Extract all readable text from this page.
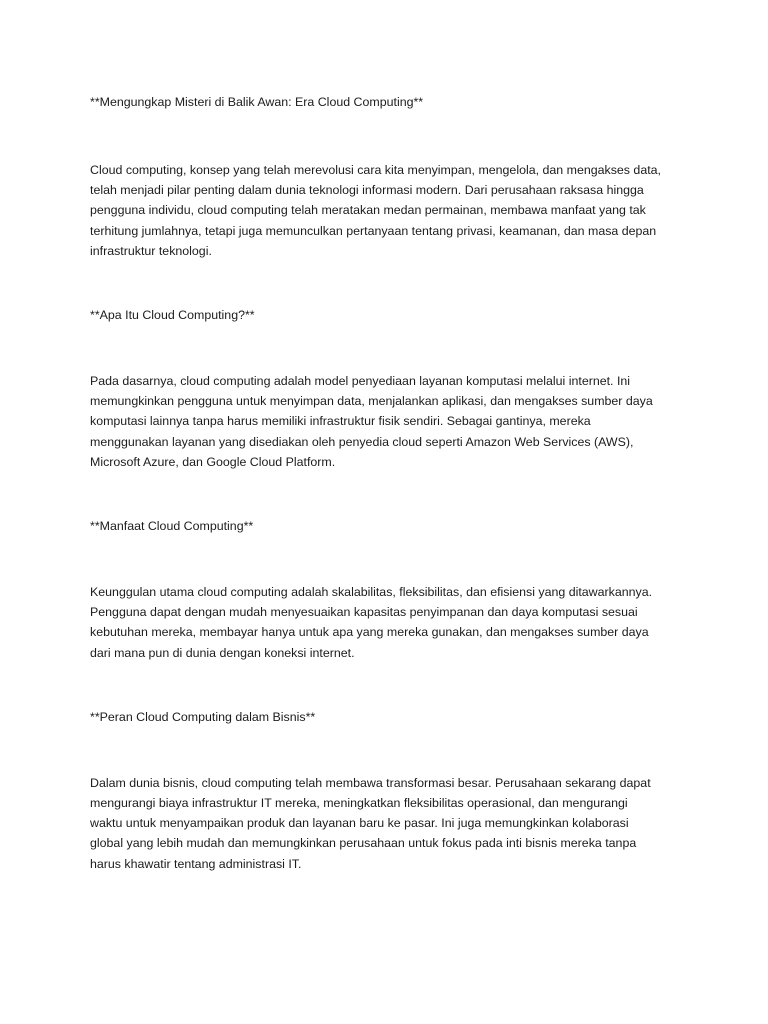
**Mengungkap Misteri di Balik Awan: Era Cloud Computing**

Cloud computing, konsep yang telah merevolusi cara kita menyimpan, mengelola, dan mengakses data,
telah menjadi pilar penting dalam dunia teknologi informasi modern. Dari perusahaan raksasa hingga
pengguna individu, cloud computing telah meratakan medan permainan, membawa manfaat yang tak
terhitung jumlahnya, tetapi juga memunculkan pertanyaan tentang privasi, keamanan, dan masa depan
infrastruktur teknologi.

**Apa Itu Cloud Computing?**

Pada dasarnya, cloud computing adalah model penyediaan layanan komputasi melalui internet. Ini
memungkinkan pengguna untuk menyimpan data, menjalankan aplikasi, dan mengakses sumber daya
komputasi lainnya tanpa harus memiliki infrastruktur fisik sendiri. Sebagai gantinya, mereka
menggunakan layanan yang disediakan oleh penyedia cloud seperti Amazon Web Services (AWS),
Microsoft Azure, dan Google Cloud Platform.

**Manfaat Cloud Computing**

Keunggulan utama cloud computing adalah skalabilitas, fleksibilitas, dan efisiensi yang ditawarkannya.
Pengguna dapat dengan mudah menyesuaikan kapasitas penyimpanan dan daya komputasi sesuai
kebutuhan mereka, membayar hanya untuk apa yang mereka gunakan, dan mengakses sumber daya
dari mana pun di dunia dengan koneksi internet.

**Peran Cloud Computing dalam Bisnis**

Dalam dunia bisnis, cloud computing telah membawa transformasi besar. Perusahaan sekarang dapat
mengurangi biaya infrastruktur IT mereka, meningkatkan fleksibilitas operasional, dan mengurangi
waktu untuk menyampaikan produk dan layanan baru ke pasar. Ini juga memungkinkan kolaborasi
global yang lebih mudah dan memungkinkan perusahaan untuk fokus pada inti bisnis mereka tanpa
harus khawatir tentang administrasi IT.
